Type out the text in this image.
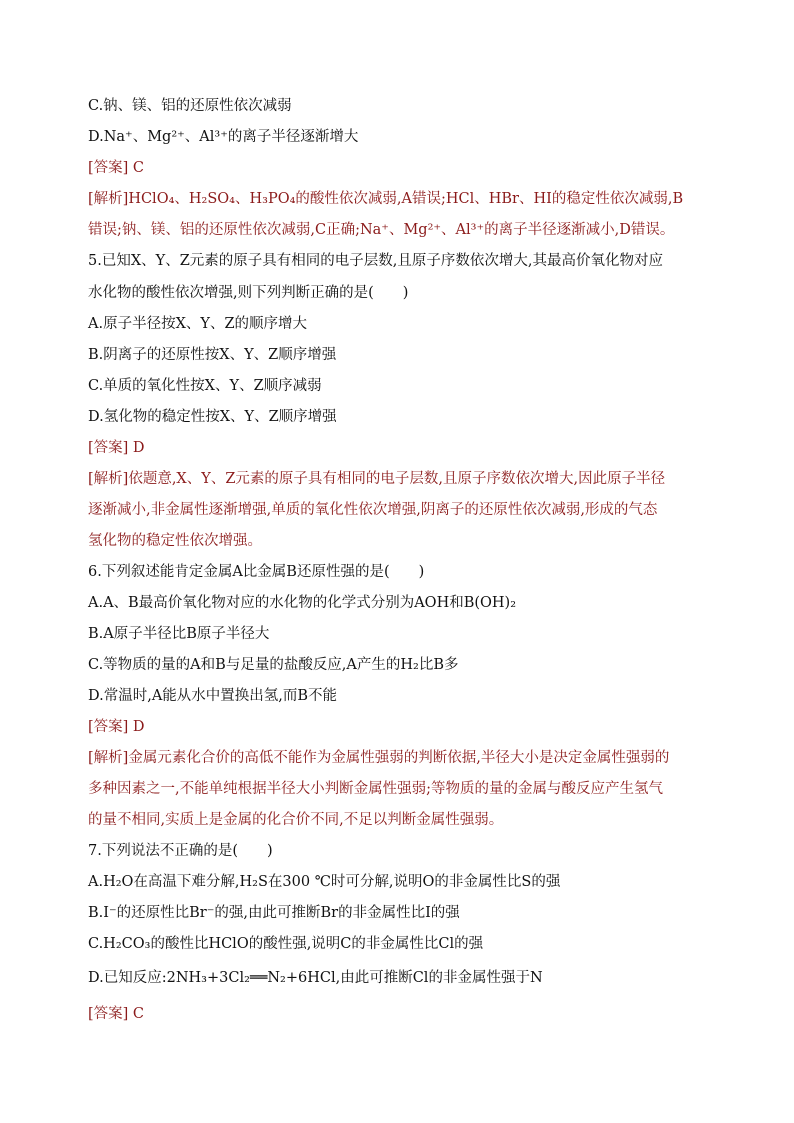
C.钠、镁、铝的还原性依次减弱
D.Na⁺、Mg²⁺、Al³⁺的离子半径逐渐增大
[答案] C
[解析]HClO₄、H₂SO₄、H₃PO₄的酸性依次减弱,A错误;HCl、HBr、HI的稳定性依次减弱,B
错误;钠、镁、铝的还原性依次减弱,C正确;Na⁺、Mg²⁺、Al³⁺的离子半径逐渐减小,D错误。
5.已知X、Y、Z元素的原子具有相同的电子层数,且原子序数依次增大,其最高价氧化物对应
水化物的酸性依次增强,则下列判断正确的是(　　)
A.原子半径按X、Y、Z的顺序增大
B.阴离子的还原性按X、Y、Z顺序增强
C.单质的氧化性按X、Y、Z顺序减弱
D.氢化物的稳定性按X、Y、Z顺序增强
[答案] D
[解析]依题意,X、Y、Z元素的原子具有相同的电子层数,且原子序数依次增大,因此原子半径
逐渐减小,非金属性逐渐增强,单质的氧化性依次增强,阴离子的还原性依次减弱,形成的气态
氢化物的稳定性依次增强。
6.下列叙述能肯定金属A比金属B还原性强的是(　　)
A.A、B最高价氧化物对应的水化物的化学式分别为AOH和B(OH)₂
B.A原子半径比B原子半径大
C.等物质的量的A和B与足量的盐酸反应,A产生的H₂比B多
D.常温时,A能从水中置换出氢,而B不能
[答案] D
[解析]金属元素化合价的高低不能作为金属性强弱的判断依据,半径大小是决定金属性强弱的
多种因素之一,不能单纯根据半径大小判断金属性强弱;等物质的量的金属与酸反应产生氢气
的量不相同,实质上是金属的化合价不同,不足以判断金属性强弱。
7.下列说法不正确的是(　　)
A.H₂O在高温下难分解,H₂S在300 ℃时可分解,说明O的非金属性比S的强
B.I⁻的还原性比Br⁻的强,由此可推断Br的非金属性比I的强
C.H₂CO₃的酸性比HClO的酸性强,说明C的非金属性比Cl的强
D.已知反应:2NH₃+3Cl₂══N₂+6HCl,由此可推断Cl的非金属性强于N
[答案] C
